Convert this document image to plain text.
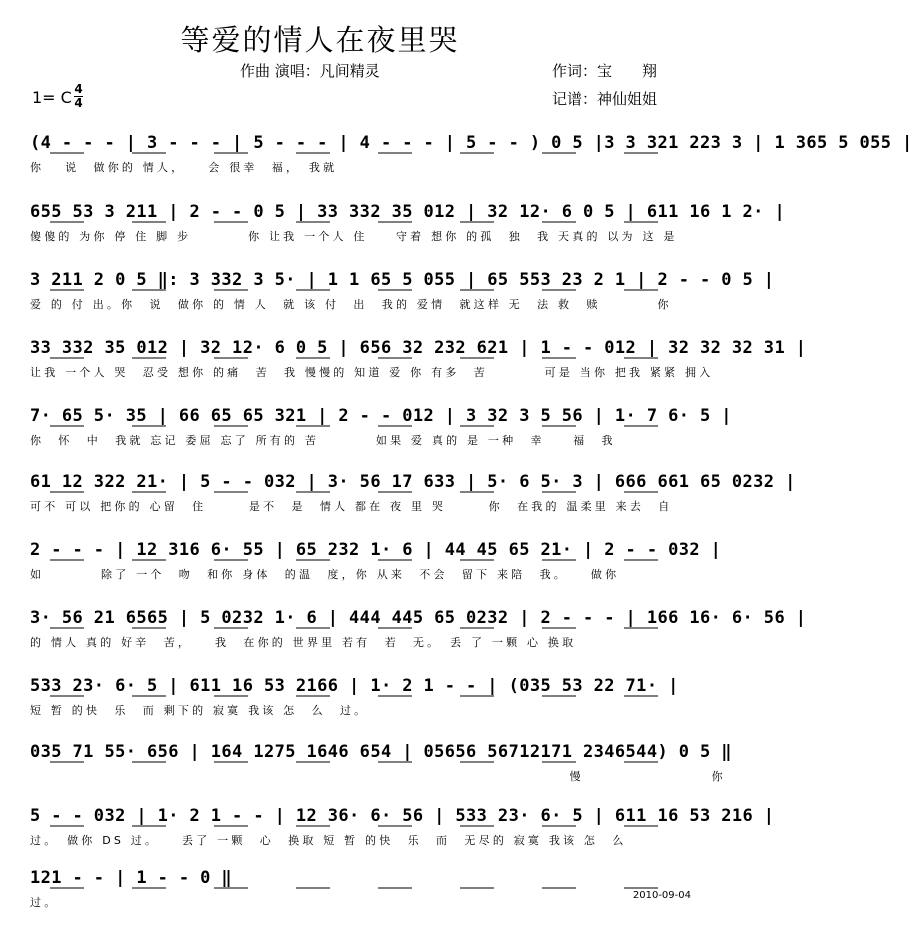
等爱的情人在夜里哭
作曲 演唱：凡间精灵	作词：宝　　翔
记谱：神仙姐姐
1= C 4
4
(4 - - - | 3 - - - | 5 - - - | 4 - - - | 5 - - ) 0 5 |3 3 321 223 3 | 1 365 5 055 |
你　 说　做你的 情人，　　会 很幸　福，　我就
655 53 3 211 | 2 - - 0 5 | 33 332 35 012 | 32 12· 6 0 5 | 611 16 1 2· |
傻傻的 为你 停 住 脚 步　　　　你 让我 一个人 住　　守着 想你 的孤　独　我 天真的 以为 这 是
3 211 2 0 5 ‖: 3 332 3 5· | 1 1 65 5 055 | 65 553 23 2 1 | 2 - - 0 5 |
爱 的 付 出。你　说　做你 的 情 人　就 该 付　出　我的 爱情　就这样 无　法 救　赎　　　　你
33 332 35 012 | 32 12· 6 0 5 | 656 32 232 621 | 1 - - 012 | 32 32 32 31 |
让我 一个人 哭　忍受 想你 的痛　苦　我 慢慢的 知道 爱 你 有多　苦　　　　可是 当你 把我 紧紧 拥入
7· 65 5· 35 | 66 65 65 321 | 2 - - 012 | 3 32 3 5 56 | 1· 7 6· 5 |
你　怀　中　我就 忘记 委屈 忘了 所有的 苦　　　　如果 爱 真的 是 一种　幸　　福　我
61 12 322 21· | 5 - - 032 | 3· 56 17 633 | 5· 6 5· 3 | 666 661 65 0232 |
可不 可以 把你的 心留　住　　　是不　是　情人 都在 夜 里 哭　　　你　在我的 温柔里 来去　自
2 - - - | 12 316 6· 55 | 65 232 1· 6 | 44 45 65 21· | 2 - - 032 |
如　　　　除了 一个　吻　和你 身体　的温　度，你 从来　不会　留下 来陪　我。　　做你
3· 56 21 6565 | 5 0232 1· 6 | 444 445 65 0232 | 2 - - - | 166 16· 6· 56 |
的 情人 真的 好辛　苦，　　我　在你的 世界里 若有　若　无。　丢 了 一颗 心 换取
533 23· 6· 5 | 611 16 53 2166 | 1· 2 1 - - | (035 53 22 71· |
短 暂 的快　乐　而 剩下的 寂寞 我该 怎　么　过。
035 71 55· 656 | 164 1275 1646 654 | 05656 56712171 2346544) 0 5 ‖
　　　　　　　　　　　　　　　　　　　　　　　　　　　　　　　　　　　　　　慢　　　　　　　　　你
5 - - 032 | 1· 2 1 - - | 12 36· 6· 56 | 533 23· 6· 5 | 611 16 53 216 |
过。　做你 DS 过。　　丢了 一颗　心　换取 短 暂 的快　乐　而　无尽的 寂寞 我该 怎　么
121 - - | 1 - - 0 ‖
过。
2010-09-04
